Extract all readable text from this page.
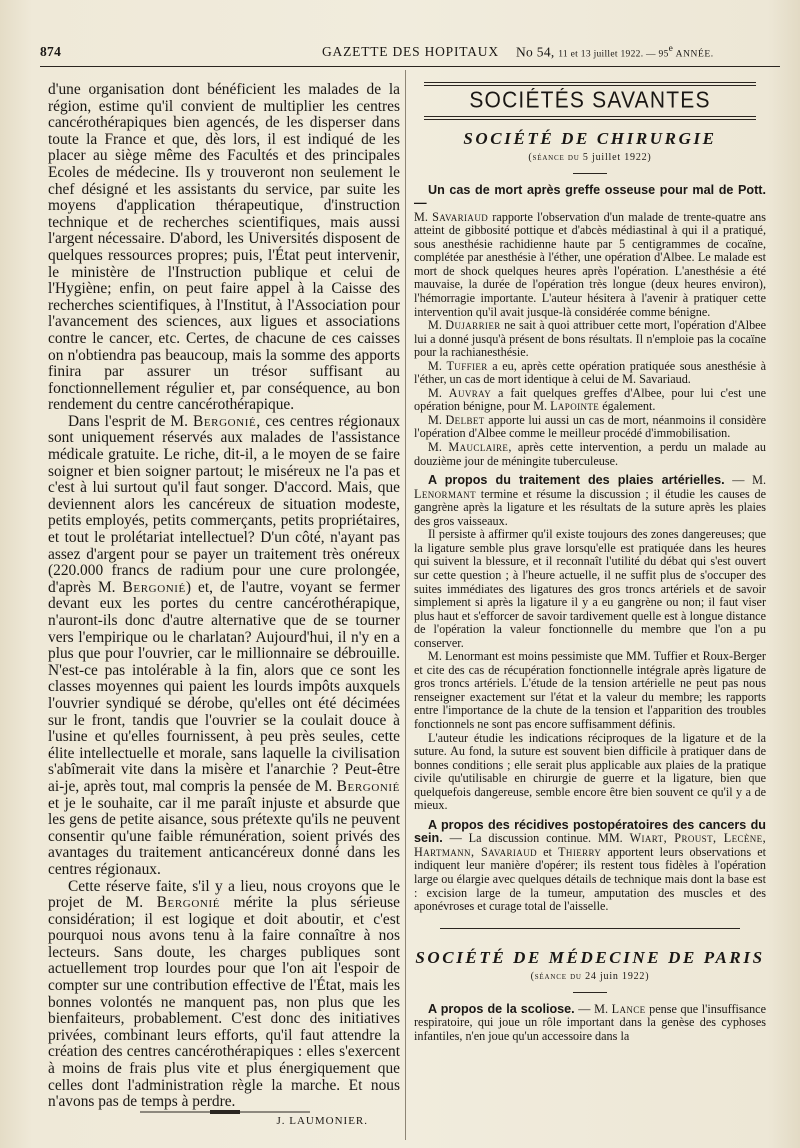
874	GAZETTE DES HOPITAUX No 54, 11 et 13 juillet 1922. — 95e ANNÉE.

d'une organisation dont bénéficient les malades de la région, estime qu'il convient de multiplier les centres cancérothérapiques bien agencés, de les disperser dans toute la France et que, dès lors, il est indiqué de les placer au siège même des Facultés et des principales Ecoles de médecine. Ils y trouveront non seulement le chef désigné et les assistants du service, par suite les moyens d'application thérapeutique, d'instruction technique et de recherches scientifiques, mais aussi l'argent nécessaire. D'abord, les Universités disposent de quelques ressources propres; puis, l'État peut intervenir, le ministère de l'Instruction publique et celui de l'Hygiène; enfin, on peut faire appel à la Caisse des recherches scientifiques, à l'Institut, à l'Association pour l'avancement des sciences, aux ligues et associations contre le cancer, etc. Certes, de chacune de ces caisses on n'obtiendra pas beaucoup, mais la somme des apports finira par assurer un trésor suffisant au fonctionnellement régulier et, par conséquence, au bon rendement du centre cancérothérapique.

Dans l'esprit de M. Bergonié, ces centres régionaux sont uniquement réservés aux malades de l'assistance médicale gratuite. Le riche, dit-il, a le moyen de se faire soigner et bien soigner partout; le miséreux ne l'a pas et c'est à lui surtout qu'il faut songer. D'accord. Mais, que deviennent alors les cancéreux de situation modeste, petits employés, petits commerçants, petits propriétaires, et tout le prolétariat intellectuel? D'un côté, n'ayant pas assez d'argent pour se payer un traitement très onéreux (220.000 francs de radium pour une cure prolongée, d'après M. Bergonié) et, de l'autre, voyant se fermer devant eux les portes du centre cancérothérapique, n'auront-ils donc d'autre alternative que de se tourner vers l'empirique ou le charlatan? Aujourd'hui, il n'y en a plus que pour l'ouvrier, car le millionnaire se débrouille. N'est-ce pas intolérable à la fin, alors que ce sont les classes moyennes qui paient les lourds impôts auxquels l'ouvrier syndiqué se dérobe, qu'elles ont été décimées sur le front, tandis que l'ouvrier se la coulait douce à l'usine et qu'elles fournissent, à peu près seules, cette élite intellectuelle et morale, sans laquelle la civilisation s'abîmerait vite dans la misère et l'anarchie ? Peut-être ai-je, après tout, mal compris la pensée de M. Bergonié et je le souhaite, car il me paraît injuste et absurde que les gens de petite aisance, sous prétexte qu'ils ne peuvent consentir qu'une faible rémunération, soient privés des avantages du traitement anticancéreux donné dans les centres régionaux.

Cette réserve faite, s'il y a lieu, nous croyons que le projet de M. Bergonié mérite la plus sérieuse considération; il est logique et doit aboutir, et c'est pourquoi nous avons tenu à la faire connaître à nos lecteurs. Sans doute, les charges publiques sont actuellement trop lourdes pour que l'on ait l'espoir de compter sur une contribution effective de l'État, mais les bonnes volontés ne manquent pas, non plus que les bienfaiteurs, probablement. C'est donc des initiatives privées, combinant leurs efforts, qu'il faut attendre la création des centres cancérothérapiques : elles s'exercent à moins de frais plus vite et plus énergiquement que celles dont l'administration règle la marche. Et nous n'avons pas de temps à perdre.

J. LAUMONIER.
SOCIÉTÉS SAVANTES
SOCIÉTÉ DE CHIRURGIE
(séance du 5 juillet 1922)

Un cas de mort après greffe osseuse pour mal de Pott. —

M. Savariaud rapporte l'observation d'un malade de trente-quatre ans atteint de gibbosité pottique et d'abcès médiastinal à qui il a pratiqué, sous anesthésie rachidienne haute par 5 centigrammes de cocaïne, complétée par anesthésie à l'éther, une opération d'Albee. Le malade est mort de shock quelques heures après l'opération. L'anesthésie a été mauvaise, la durée de l'opération très longue (deux heures environ), l'hémorragie importante. L'auteur hésitera à l'avenir à pratiquer cette intervention qu'il avait jusque-là considérée comme bénigne.

M. Dujarrier ne sait à quoi attribuer cette mort, l'opération d'Albee lui a donné jusqu'à présent de bons résultats. Il n'emploie pas la cocaïne pour la rachianesthésie.

M. Tuffier a eu, après cette opération pratiquée sous anesthésie à l'éther, un cas de mort identique à celui de M. Savariaud.

M. Auvray a fait quelques greffes d'Albee, pour lui c'est une opération bénigne, pour M. Lapointe également.

M. Delbet apporte lui aussi un cas de mort, néanmoins il considère l'opération d'Albee comme le meilleur procédé d'immobilisation.

M. Mauclaire, après cette intervention, a perdu un malade au douzième jour de méningite tuberculeuse.

A propos du traitement des plaies artérielles. — M. Lenormant termine et résume la discussion ; il étudie les causes de gangrène après la ligature et les résultats de la suture après les plaies des gros vaisseaux.

Il persiste à affirmer qu'il existe toujours des zones dangereuses; que la ligature semble plus grave lorsqu'elle est pratiquée dans les heures qui suivent la blessure, et il reconnaît l'utilité du débat qui s'est ouvert sur cette question ; à l'heure actuelle, il ne suffit plus de s'occuper des suites immédiates des ligatures des gros troncs artériels et de savoir simplement si après la ligature il y a eu gangrène ou non; il faut viser plus haut et s'efforcer de savoir tardivement quelle est à longue distance de l'opération la valeur fonctionnelle du membre que l'on a pu conserver.

M. Lenormant est moins pessimiste que MM. Tuffier et Roux-Berger et cite des cas de récupération fonctionnelle intégrale après ligature de gros troncs artériels. L'étude de la tension artérielle ne peut pas nous renseigner exactement sur l'état et la valeur du membre; les rapports entre l'importance de la chute de la tension et l'apparition des troubles fonctionnels ne sont pas encore suffisamment définis.

L'auteur étudie les indications réciproques de la ligature et de la suture. Au fond, la suture est souvent bien difficile à pratiquer dans de bonnes conditions ; elle serait plus applicable aux plaies de la pratique civile qu'utilisable en chirurgie de guerre et la ligature, bien que quelquefois dangereuse, semble encore être bien souvent ce qu'il y a de mieux.

A propos des récidives postopératoires des cancers du sein. — La discussion continue. MM. Wiart, Proust, Lecène, Hartmann, Savariaud et Thierry apportent leurs observations et indiquent leur manière d'opérer; ils restent tous fidèles à l'opération large ou élargie avec quelques détails de technique mais dont la base est : excision large de la tumeur, amputation des muscles et des aponévroses et curage total de l'aisselle.

SOCIÉTÉ DE MÉDECINE DE PARIS
(séance du 24 juin 1922)

A propos de la scoliose. — M. Lance pense que l'insuffisance respiratoire, qui joue un rôle important dans la genèse des cyphoses infantiles, n'en joue qu'un accessoire dans la
